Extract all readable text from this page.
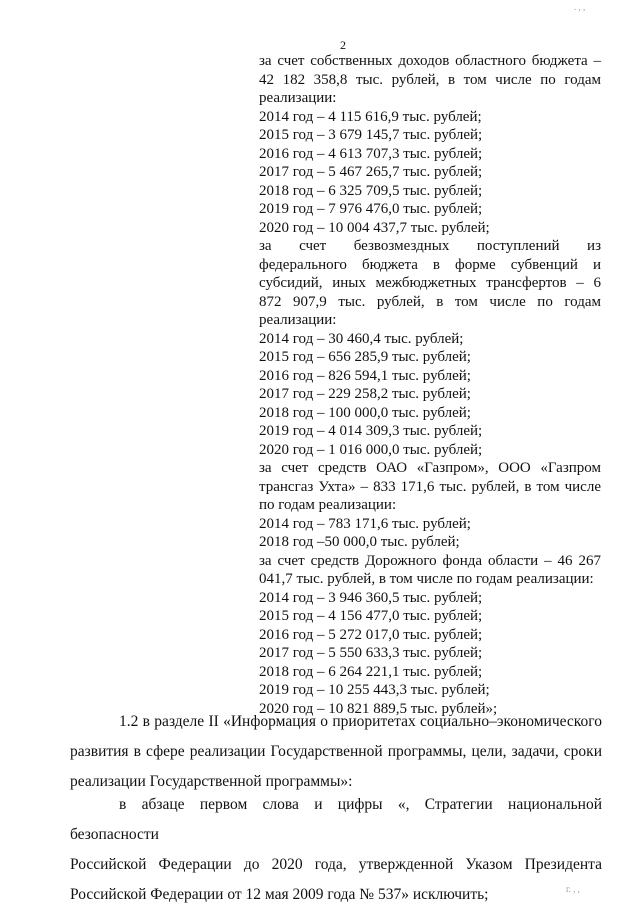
2
за счет собственных доходов областного бюджета –
42 182 358,8 тыс. рублей, в том числе по годам
реализации:
2014 год – 4 115 616,9 тыс. рублей;
2015 год – 3 679 145,7 тыс. рублей;
2016 год – 4 613 707,3 тыс. рублей;
2017 год – 5 467 265,7 тыс. рублей;
2018 год – 6 325 709,5 тыс. рублей;
2019 год – 7 976 476,0 тыс. рублей;
2020 год – 10 004 437,7 тыс. рублей;
за счет безвозмездных поступлений из
федерального бюджета в форме субвенций и
субсидий, иных межбюджетных трансфертов – 6
872 907,9 тыс. рублей, в том числе по годам
реализации:
2014 год – 30 460,4 тыс. рублей;
2015 год – 656 285,9 тыс. рублей;
2016 год – 826 594,1 тыс. рублей;
2017 год – 229 258,2 тыс. рублей;
2018 год – 100 000,0 тыс. рублей;
2019 год – 4 014 309,3 тыс. рублей;
2020 год – 1 016 000,0 тыс. рублей;
за счет средств ОАО «Газпром», ООО «Газпром
трансгаз Ухта» – 833 171,6 тыс. рублей, в том числе
по годам реализации:
2014 год – 783 171,6 тыс. рублей;
2018 год –50 000,0 тыс. рублей;
за счет средств Дорожного фонда области – 46 267
041,7 тыс. рублей, в том числе по годам реализации:
2014 год – 3 946 360,5 тыс. рублей;
2015 год – 4 156 477,0 тыс. рублей;
2016 год – 5 272 017,0 тыс. рублей;
2017 год – 5 550 633,3 тыс. рублей;
2018 год – 6 264 221,1 тыс. рублей;
2019 год – 10 255 443,3 тыс. рублей;
2020 год – 10 821 889,5 тыс. рублей»;

1.2 в разделе II «Информация о приоритетах социально–экономического

развития в сфере реализации Государственной программы, цели, задачи, сроки

реализации Государственной программы»:

в абзаце первом слова и цифры «, Стратегии национальной безопасности

Российской Федерации до 2020 года, утвержденной Указом Президента

Российской Федерации от 12 мая 2009 года № 537» исключить;

. , ,
г. , ,
